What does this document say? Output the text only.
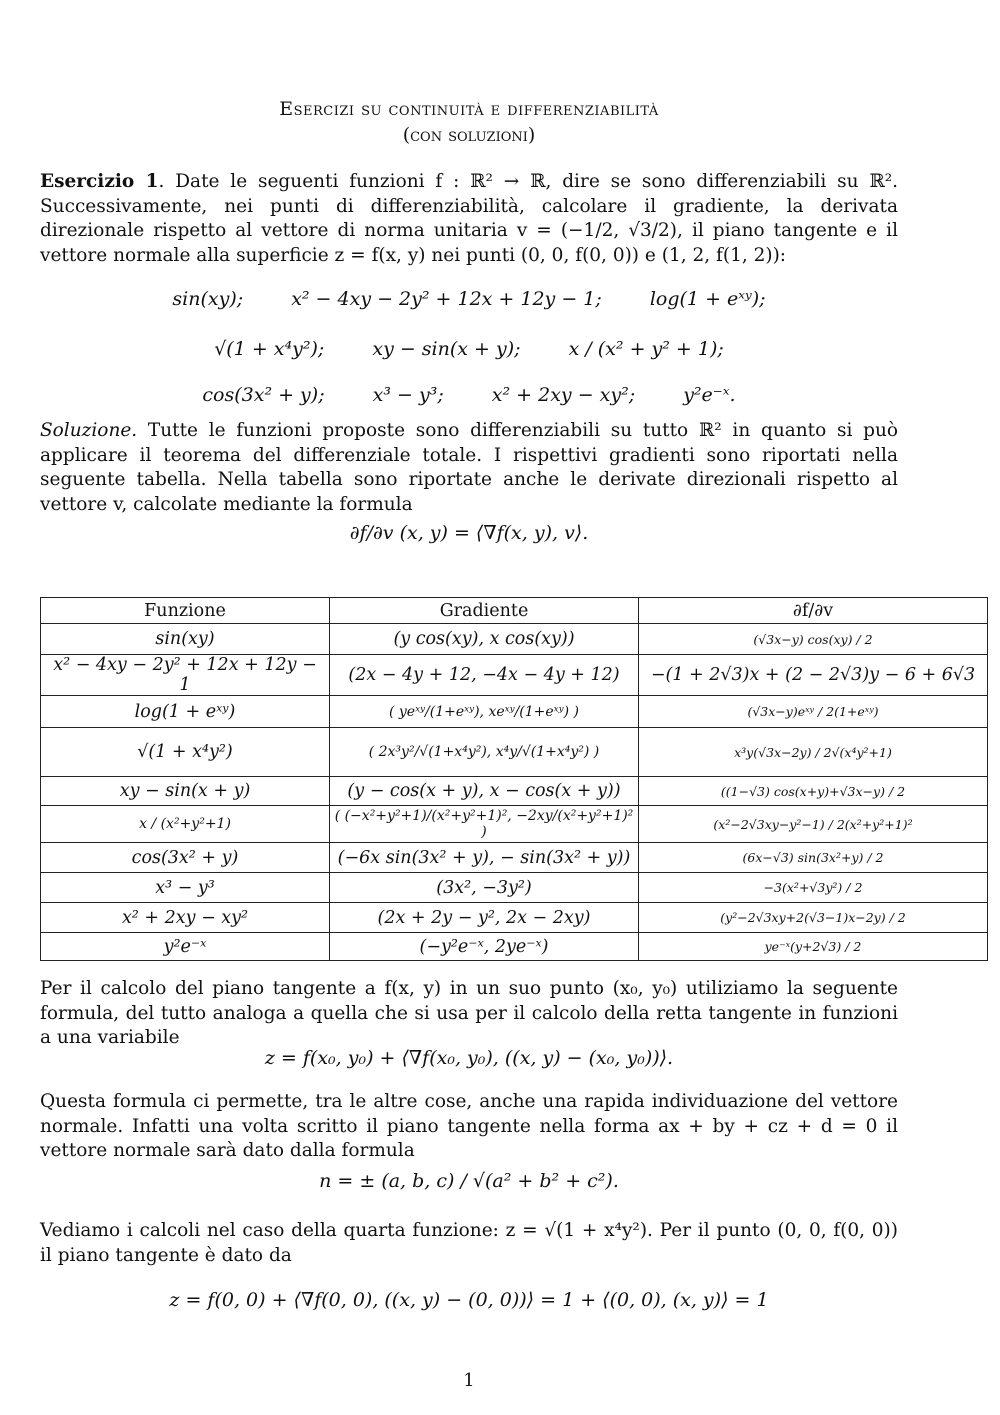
Esercizi su continuità e differenziabilità
(con soluzioni)
Esercizio 1. Date le seguenti funzioni f : ℝ² → ℝ, dire se sono differenziabili su ℝ². Successivamente, nei punti di differenziabilità, calcolare il gradiente, la derivata direzionale rispetto al vettore di norma unitaria v = (−1/2, √3/2), il piano tangente e il vettore normale alla superficie z = f(x, y) nei punti (0, 0, f(0, 0)) e (1, 2, f(1, 2)):
sin(xy);	x² − 4xy − 2y² + 12x + 12y − 1;	log(1 + eˣʸ);
√(1 + x⁴y²);	xy − sin(x + y);	x / (x² + y² + 1);
cos(3x² + y);	x³ − y³;	x² + 2xy − xy²;	y²e⁻ˣ.
Soluzione. Tutte le funzioni proposte sono differenziabili su tutto ℝ² in quanto si può applicare il teorema del differenziale totale. I rispettivi gradienti sono riportati nella seguente tabella. Nella tabella sono riportate anche le derivate direzionali rispetto al vettore v, calcolate mediante la formula
∂f/∂v (x, y) = ⟨∇f(x, y), v⟩.
Funzione	Gradiente	∂f/∂v
sin(xy)	(y cos(xy), x cos(xy))	(√3x−y) cos(xy) / 2
x² − 4xy − 2y² + 12x + 12y − 1	(2x − 4y + 12, −4x − 4y + 12)	−(1 + 2√3)x + (2 − 2√3)y − 6 + 6√3
log(1 + eˣʸ)	( yeˣʸ/(1+eˣʸ), xeˣʸ/(1+eˣʸ) )	(√3x−y)eˣʸ / 2(1+eˣʸ)
√(1 + x⁴y²)	( 2x³y²/√(1+x⁴y²), x⁴y/√(1+x⁴y²) )	x³y(√3x−2y) / 2√(x⁴y²+1)
xy − sin(x + y)	(y − cos(x + y), x − cos(x + y))	((1−√3) cos(x+y)+√3x−y) / 2
x / (x²+y²+1)	( (−x²+y²+1)/(x²+y²+1)², −2xy/(x²+y²+1)² )	(x²−2√3xy−y²−1) / 2(x²+y²+1)²
cos(3x² + y)	(−6x sin(3x² + y), − sin(3x² + y))	(6x−√3) sin(3x²+y) / 2
x³ − y³	(3x², −3y²)	−3(x²+√3y²) / 2
x² + 2xy − xy²	(2x + 2y − y², 2x − 2xy)	(y²−2√3xy+2(√3−1)x−2y) / 2
y²e⁻ˣ	(−y²e⁻ˣ, 2ye⁻ˣ)	ye⁻ˣ(y+2√3) / 2
Per il calcolo del piano tangente a f(x, y) in un suo punto (x₀, y₀) utiliziamo la seguente formula, del tutto analoga a quella che si usa per il calcolo della retta tangente in funzioni a una variabile
z = f(x₀, y₀) + ⟨∇f(x₀, y₀), ((x, y) − (x₀, y₀))⟩.
Questa formula ci permette, tra le altre cose, anche una rapida individuazione del vettore normale. Infatti una volta scritto il piano tangente nella forma ax + by + cz + d = 0 il vettore normale sarà dato dalla formula
n = ± (a, b, c) / √(a² + b² + c²).
Vediamo i calcoli nel caso della quarta funzione: z = √(1 + x⁴y²). Per il punto (0, 0, f(0, 0)) il piano tangente è dato da
z = f(0, 0) + ⟨∇f(0, 0), ((x, y) − (0, 0))⟩ = 1 + ⟨(0, 0), (x, y)⟩ = 1
1
